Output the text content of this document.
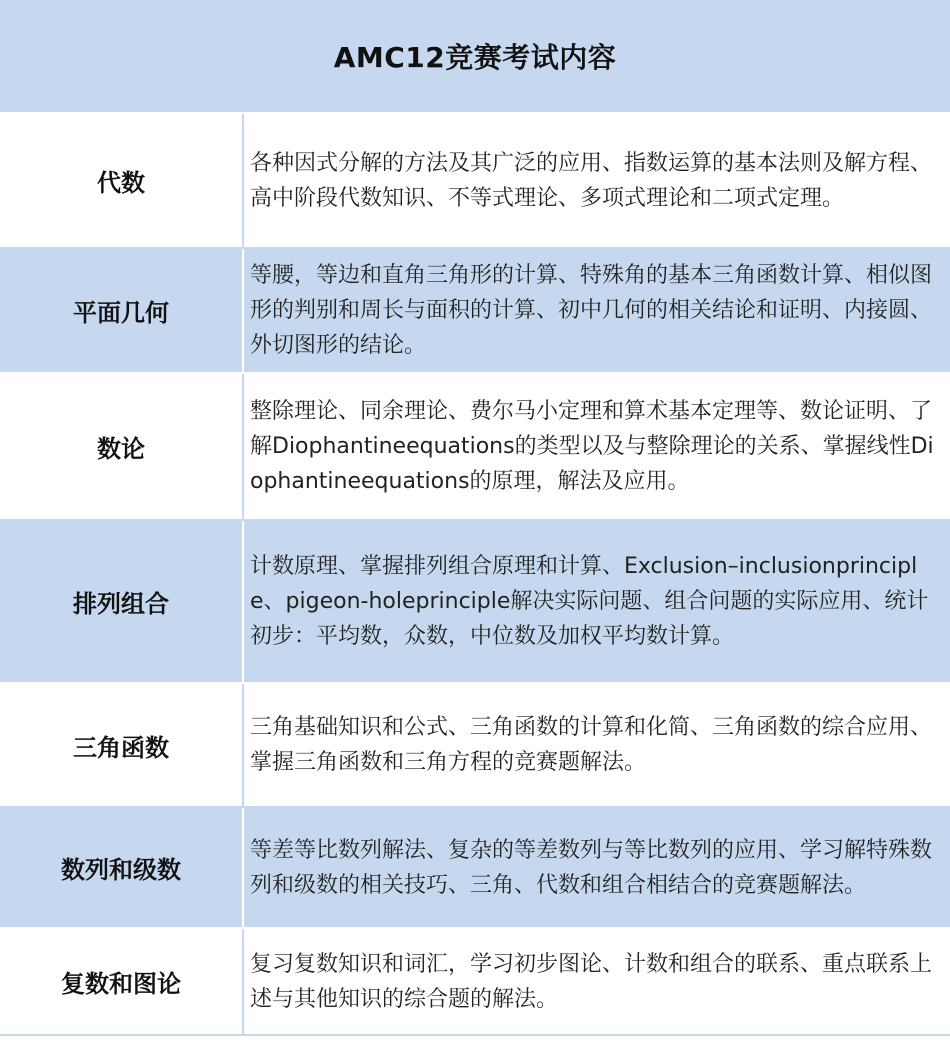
AMC12竞赛考试内容
代数

各种因式分解的方法及其广泛的应用、指数运算的基本法则及解方程、高中阶段代数知识、不等式理论、多项式理论和二项式定理。

平面几何

等腰，等边和直角三角形的计算、特殊角的基本三角函数计算、相似图形的判别和周长与面积的计算、初中几何的相关结论和证明、内接圆、外切图形的结论。

数论

整除理论、同余理论、费尔马小定理和算术基本定理等、数论证明、了解Diophantineequations的类型以及与整除理论的关系、掌握线性Diophantineequations的原理，解法及应用。

排列组合

计数原理、掌握排列组合原理和计算、Exclusion–inclusionprinciple、pigeon-holeprinciple解决实际问题、组合问题的实际应用、统计初步：平均数，众数，中位数及加权平均数计算。

三角函数

三角基础知识和公式、三角函数的计算和化简、三角函数的综合应用、掌握三角函数和三角方程的竞赛题解法。

数列和级数

等差等比数列解法、复杂的等差数列与等比数列的应用、学习解特殊数列和级数的相关技巧、三角、代数和组合相结合的竞赛题解法。

复数和图论

复习复数知识和词汇，学习初步图论、计数和组合的联系、重点联系上述与其他知识的综合题的解法。
